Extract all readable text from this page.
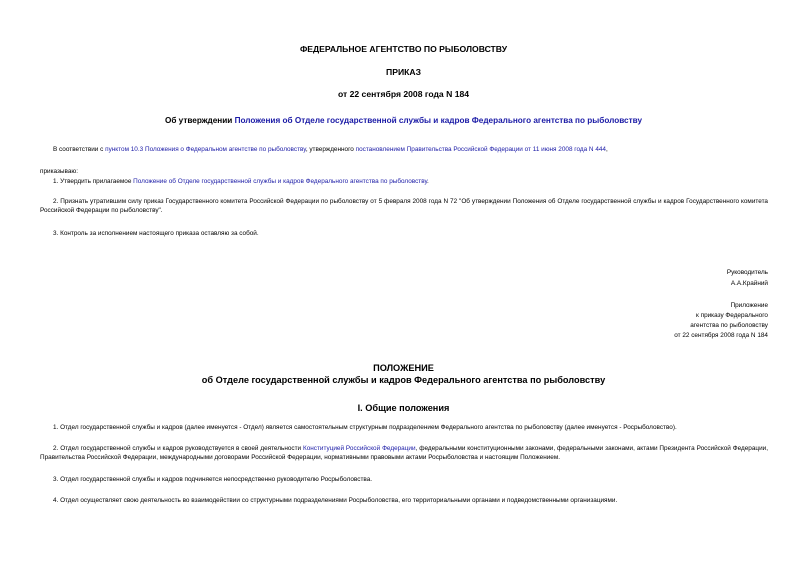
ФЕДЕРАЛЬНОЕ АГЕНТСТВО ПО РЫБОЛОВСТВУ
ПРИКАЗ
от 22 сентября 2008 года N 184
Об утверждении Положения об Отделе государственной службы и кадров Федерального агентства по рыболовству
В соответствии с пунктом 10.3 Положения о Федеральном агентстве по рыболовству, утвержденного постановлением Правительства Российской Федерации от 11 июня 2008 года N 444,
приказываю:
1. Утвердить прилагаемое Положение об Отделе государственной службы и кадров Федерального агентства по рыболовству.
2. Признать утратившим силу приказ Государственного комитета Российской Федерации по рыболовству от 5 февраля 2008 года N 72 "Об утверждении Положения об Отделе государственной службы и кадров Государственного комитета Российской Федерации по рыболовству".
3. Контроль за исполнением настоящего приказа оставляю за собой.
Руководитель
А.А.Крайний
Приложение
к приказу Федерального
агентства по рыболовству
от 22 сентября 2008 года N 184
ПОЛОЖЕНИЕ
об Отделе государственной службы и кадров Федерального агентства по рыболовству
I. Общие положения
1. Отдел государственной службы и кадров (далее именуется - Отдел) является самостоятельным структурным подразделением Федерального агентства по рыболовству (далее именуется - Росрыболовство).
2. Отдел государственной службы и кадров руководствуется в своей деятельности Конституцией Российской Федерации, федеральными конституционными законами, федеральными законами, актами Президента Российской Федерации, Правительства Российской Федерации, международными договорами Российской Федерации, нормативными правовыми актами Росрыболовства и настоящим Положением.
3. Отдел государственной службы и кадров подчиняется непосредственно руководителю Росрыболовства.
4. Отдел осуществляет свою деятельность во взаимодействии со структурными подразделениями Росрыболовства, его территориальными органами и подведомственными организациями.
